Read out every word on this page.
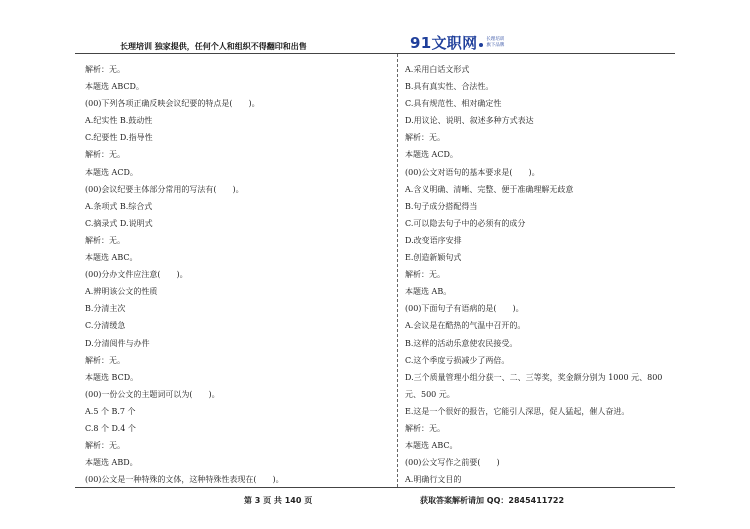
长理培训 独家提供，任何个人和组织不得翻印和出售	91文职网 长理培训
旗下品牌
解析：无。
本题选 ABCD。
(00)下列各项正确反映会议纪要的特点是(　　)。
A.纪实性 B.鼓动性
C.纪要性 D.指导性
解析：无。
本题选 ACD。
(00)会议纪要主体部分常用的写法有(　　)。
A.条项式 B.综合式
C.摘录式 D.说明式
解析：无。
本题选 ABC。
(00)分办文件应注意(　　)。
A.辨明该公文的性质
B.分清主次
C.分清缓急
D.分清阅件与办件
解析：无。
本题选 BCD。
(00)一份公文的主题词可以为(　　)。
A.5 个 B.7 个
C.8 个 D.4 个
解析：无。
本题选 ABD。
(00)公文是一种特殊的文体，这种特殊性表现在(　　)。
A.采用白话文形式
B.具有真实性、合法性。
C.具有规范性、相对确定性
D.用议论、说明、叙述多种方式表达
解析：无。
本题选 ACD。
(00)公文对语句的基本要求是(　　)。
A.含义明确、清晰、完整、便于准确理解无歧意
B.句子成分搭配得当
C.可以隐去句子中的必须有的成分
D.改变语序安排
E.创造新颖句式
解析：无。
本题选 AB。
(00)下面句子有语病的是(　　)。
A.会议是在酷热的气温中召开的。
B.这样的活动乐意使农民接受。
C.这个季度亏损减少了两倍。
D.三个质量管理小组分获一、二、三等奖，奖金额分别为 1000 元、800 元、500 元。
E.这是一个很好的报告，它能引人深思，促人猛起，催人奋进。
解析：无。
本题选 ABC。
(00)公文写作之前要(　　)
A.明确行文目的
第 3 页 共 140 页	获取答案解析请加 QQ：2845411722
